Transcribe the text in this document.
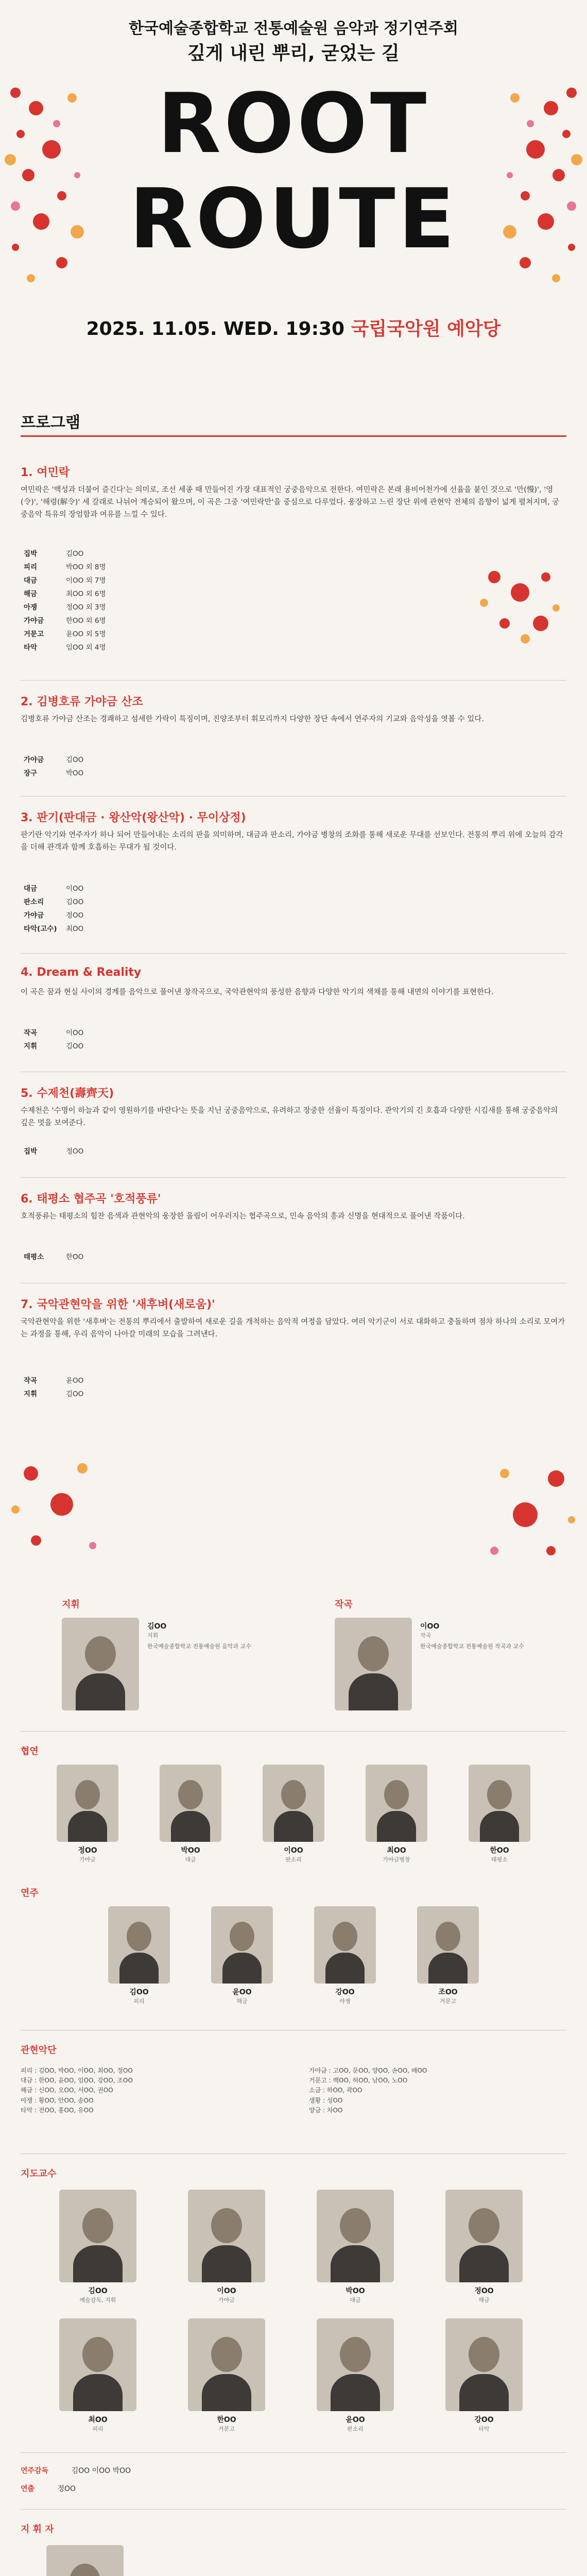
한국예술종합학교 전통예술원 음악과 정기연주회
깊게 내린 뿌리, 굳었는 길
ROOT
ROUTE
2025. 11.05. WED. 19:30 국립국악원 예악당
프로그램
1. 여민락
여민락은 '백성과 더불어 즐긴다'는 의미로, 조선 세종 때 만들어진 가장 대표적인 궁중음악으로 전한다. 여민락은 본래 용비어천가에 선율을 붙인 것으로 '만(慢)', '영(令)', '해령(解令)' 세 갈래로 나뉘어 계승되어 왔으며, 이 곡은 그중 '여민락만'을 중심으로 다루었다. 웅장하고 느린 장단 위에 관현악 전체의 음향이 넓게 펼쳐지며, 궁중음악 특유의 장엄함과 여유를 느낄 수 있다.
집박	김OO
피리	박OO 외 8명
대금	이OO 외 7명
해금	최OO 외 6명
아쟁	정OO 외 3명
가야금	한OO 외 6명
거문고	윤OO 외 5명
타악	임OO 외 4명
2. 김병호류 가야금 산조
김병호류 가야금 산조는 경쾌하고 섬세한 가락이 특징이며, 진양조부터 휘모리까지 다양한 장단 속에서 연주자의 기교와 음악성을 엿볼 수 있다.
가야금	김OO
장구	박OO
3. 판기(판대금 · 왕산악(왕산악) · 무이상정)
판기란 악기와 연주자가 하나 되어 만들어내는 소리의 판을 의미하며, 대금과 판소리, 가야금 병창의 조화를 통해 새로운 무대를 선보인다. 전통의 뿌리 위에 오늘의 감각을 더해 관객과 함께 호흡하는 무대가 될 것이다.
대금	이OO
판소리	김OO
가야금	정OO
타악(고수)	최OO
4. Dream & Reality
이 곡은 꿈과 현실 사이의 경계를 음악으로 풀어낸 창작곡으로, 국악관현악의 풍성한 음향과 다양한 악기의 색채를 통해 내면의 이야기를 표현한다.
작곡	이OO
지휘	김OO
5. 수제천(壽齊天)
수제천은 '수명이 하늘과 같이 영원하기를 바란다'는 뜻을 지닌 궁중음악으로, 유려하고 장중한 선율이 특징이다. 관악기의 긴 호흡과 다양한 시김새를 통해 궁중음악의 깊은 멋을 보여준다.
집박	정OO
6. 태평소 협주곡 '호적풍류'
호적풍류는 태평소의 힘찬 음색과 관현악의 웅장한 울림이 어우러지는 협주곡으로, 민속 음악의 흥과 신명을 현대적으로 풀어낸 작품이다.
태평소	한OO
7. 국악관현악을 위한 '새후벼(새로움)'
국악관현악을 위한 '새후벼'는 전통의 뿌리에서 출발하여 새로운 길을 개척하는 음악적 여정을 담았다. 여러 악기군이 서로 대화하고 충돌하며 점차 하나의 소리로 모여가는 과정을 통해, 우리 음악이 나아갈 미래의 모습을 그려낸다.
작곡	윤OO
지휘	김OO
지휘	작곡
김OO
지휘
한국예술종합학교 전통예술원 음악과 교수
이OO
작곡
한국예술종합학교 전통예술원 작곡과 교수
협연
정OO
가야금
박OO
대금
이OO
판소리
최OO
가야금병창
한OO
태평소
연주
김OO
피리
윤OO
해금
강OO
아쟁
조OO
거문고
관현악단
피리 : 김OO, 박OO, 이OO, 최OO, 정OO
대금 : 한OO, 윤OO, 임OO, 강OO, 조OO
해금 : 신OO, 오OO, 서OO, 권OO
아쟁 : 황OO, 안OO, 송OO
타악 : 전OO, 홍OO, 유OO
가야금 : 고OO, 문OO, 양OO, 손OO, 배OO
거문고 : 백OO, 허OO, 남OO, 노OO
소금 : 하OO, 곽OO
생황 : 성OO
양금 : 차OO
지도교수
김OO
예술감독, 지휘
이OO
가야금
박OO
대금
정OO
해금
최OO
피리
한OO
거문고
윤OO
판소리
강OO
타악
연주감독	김OO 이OO 박OO
연출	정OO
지 휘 자
